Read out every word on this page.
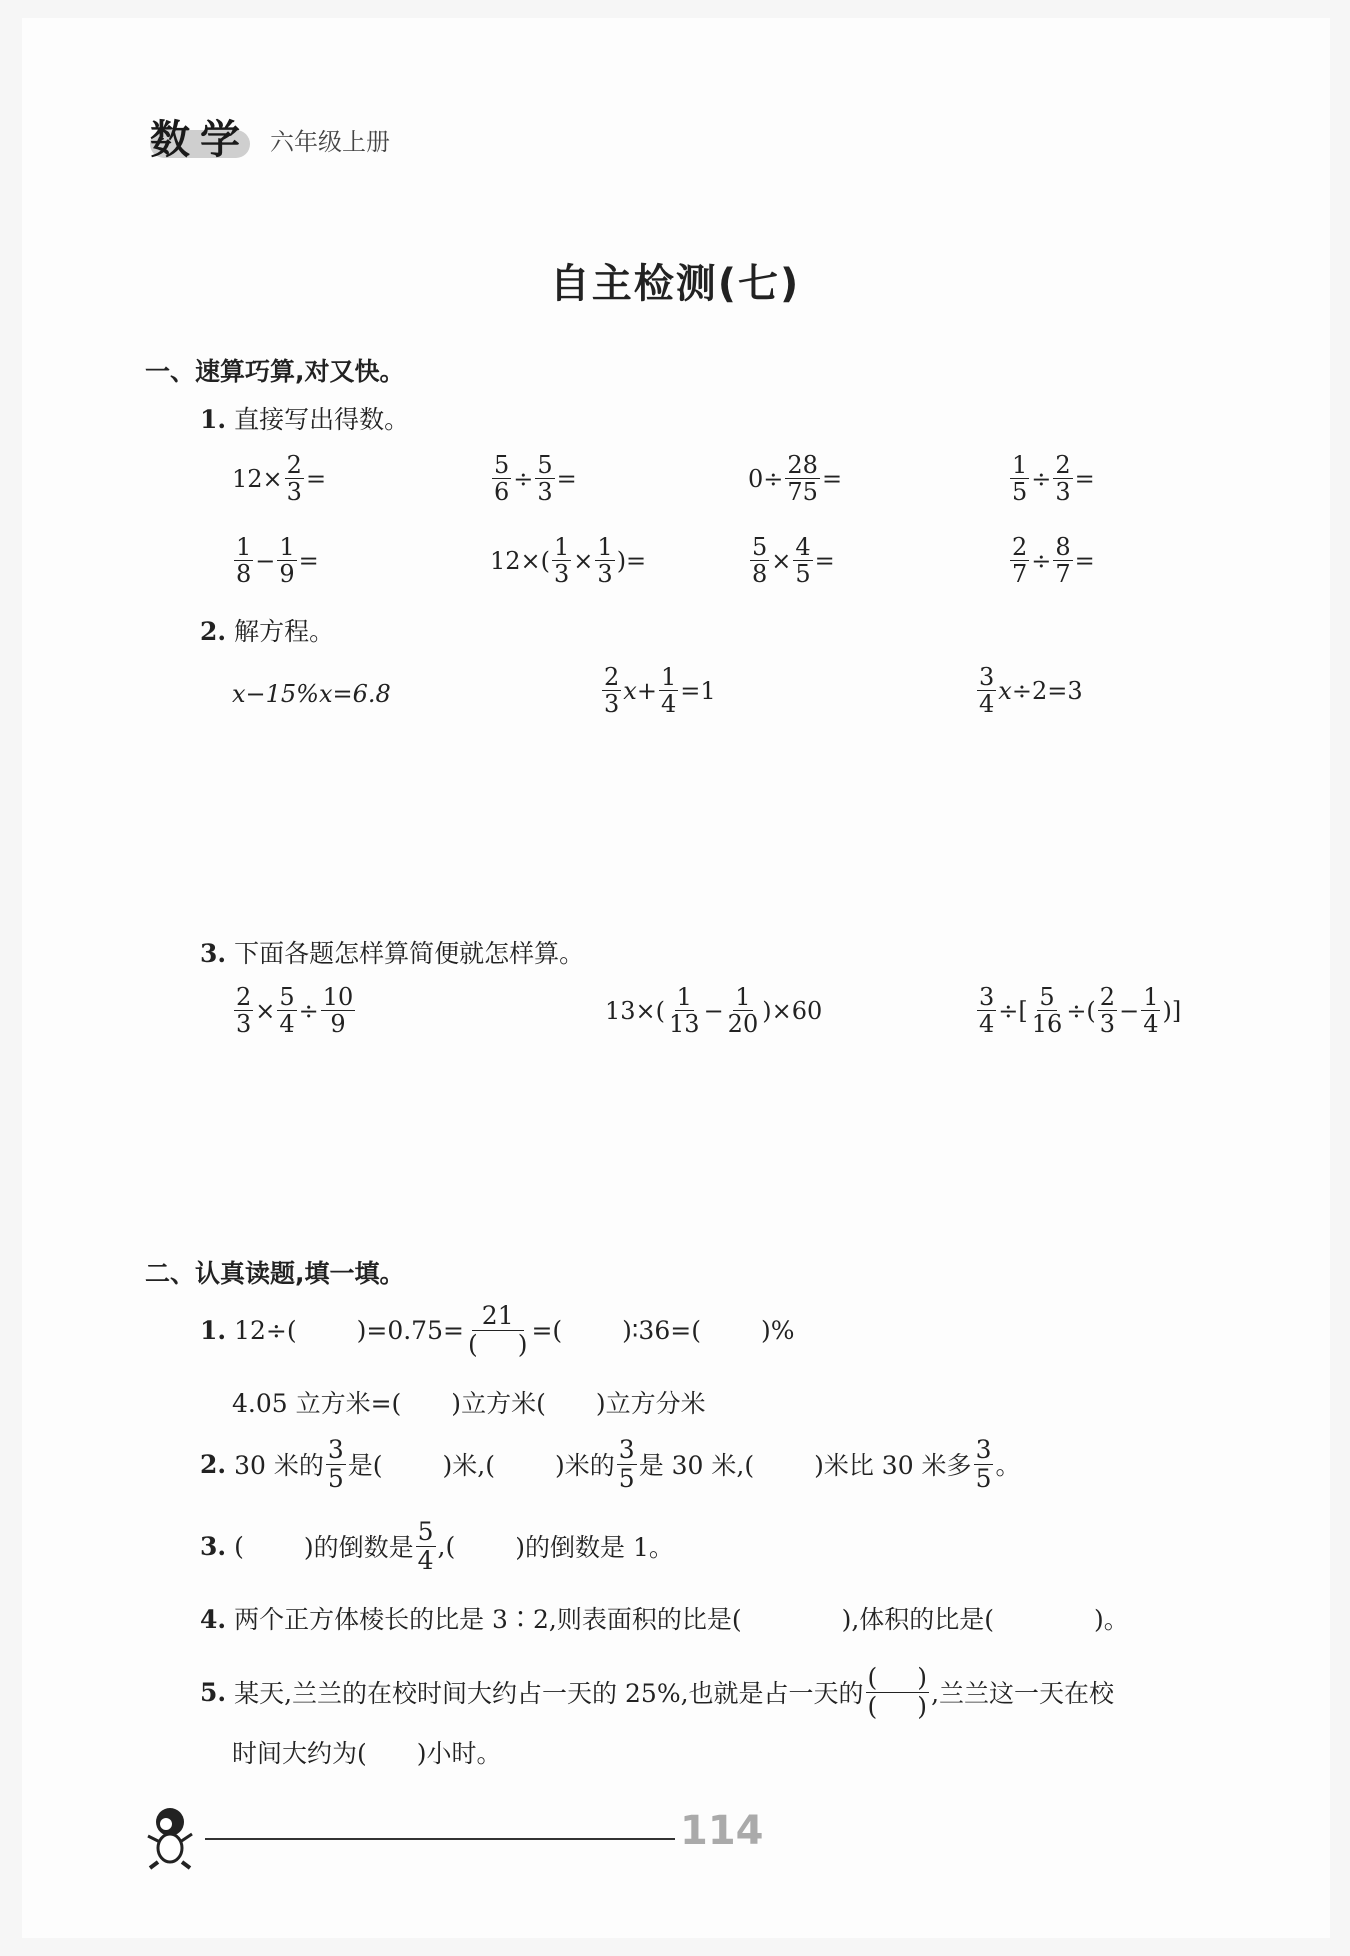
数学 六年级上册
自主检测(七)
一、速算巧算,对又快。
1. 直接写出得数。
$12\times \frac{2}{3}$ =	$\frac{5}{6} \div \frac{5}{3}$ =	$0\div \frac{28}{75}$ =	$\frac{1}{5} \div \frac{2}{3}$ =
$\frac{1}{8} - \frac{1}{9}$ =	$12\times( \frac{1}{3} \times \frac{1}{3}$ )=	$\frac{5}{8} \times \frac{4}{5}$ =	$\frac{2}{7} \div \frac{8}{7}$ =
2. 解方程。
x−15%x=6.8	$\frac{2}{3}$ $x + \frac{1}{4} =1$	$\frac{3}{4}$ x ÷2=3
3. 下面各题怎样算简便就怎样算。
$\frac{2}{3} \times \frac{5}{4} \div \frac{10}{9}$	$13\times( \frac{1}{13} - \frac{1}{20} )\times 60$	$\frac{3}{4}$ ÷[ $\frac{5}{16}$ ÷( $\frac{2}{3} - \frac{1}{4}$ )]
二、认真读题,填一填。
1. 12÷( )$=0.75= \frac{21}{( )}$ =( )∶36=( )%
4.05 立方米=(　　)立方米(　　)立方分米
2. 30 米的 $\frac{3}{5}$ 是( )米,( )米的 $\frac{3}{5}$ 是 30 米,( )米比 30 米多 $\frac{3}{5}$ 。
3. ( )的倒数是 $\frac{5}{4}$ ,( )的倒数是 1。
4. 两个正方体棱长的比是 3∶2,则表面积的比是(　　　　),体积的比是(　　　　)。
5. 某天,兰兰的在校时间大约占一天的 25%,也就是占一天的 $\frac{( )}{( )}$ ,兰兰这一天在校
时间大约为(　　)小时。
114
